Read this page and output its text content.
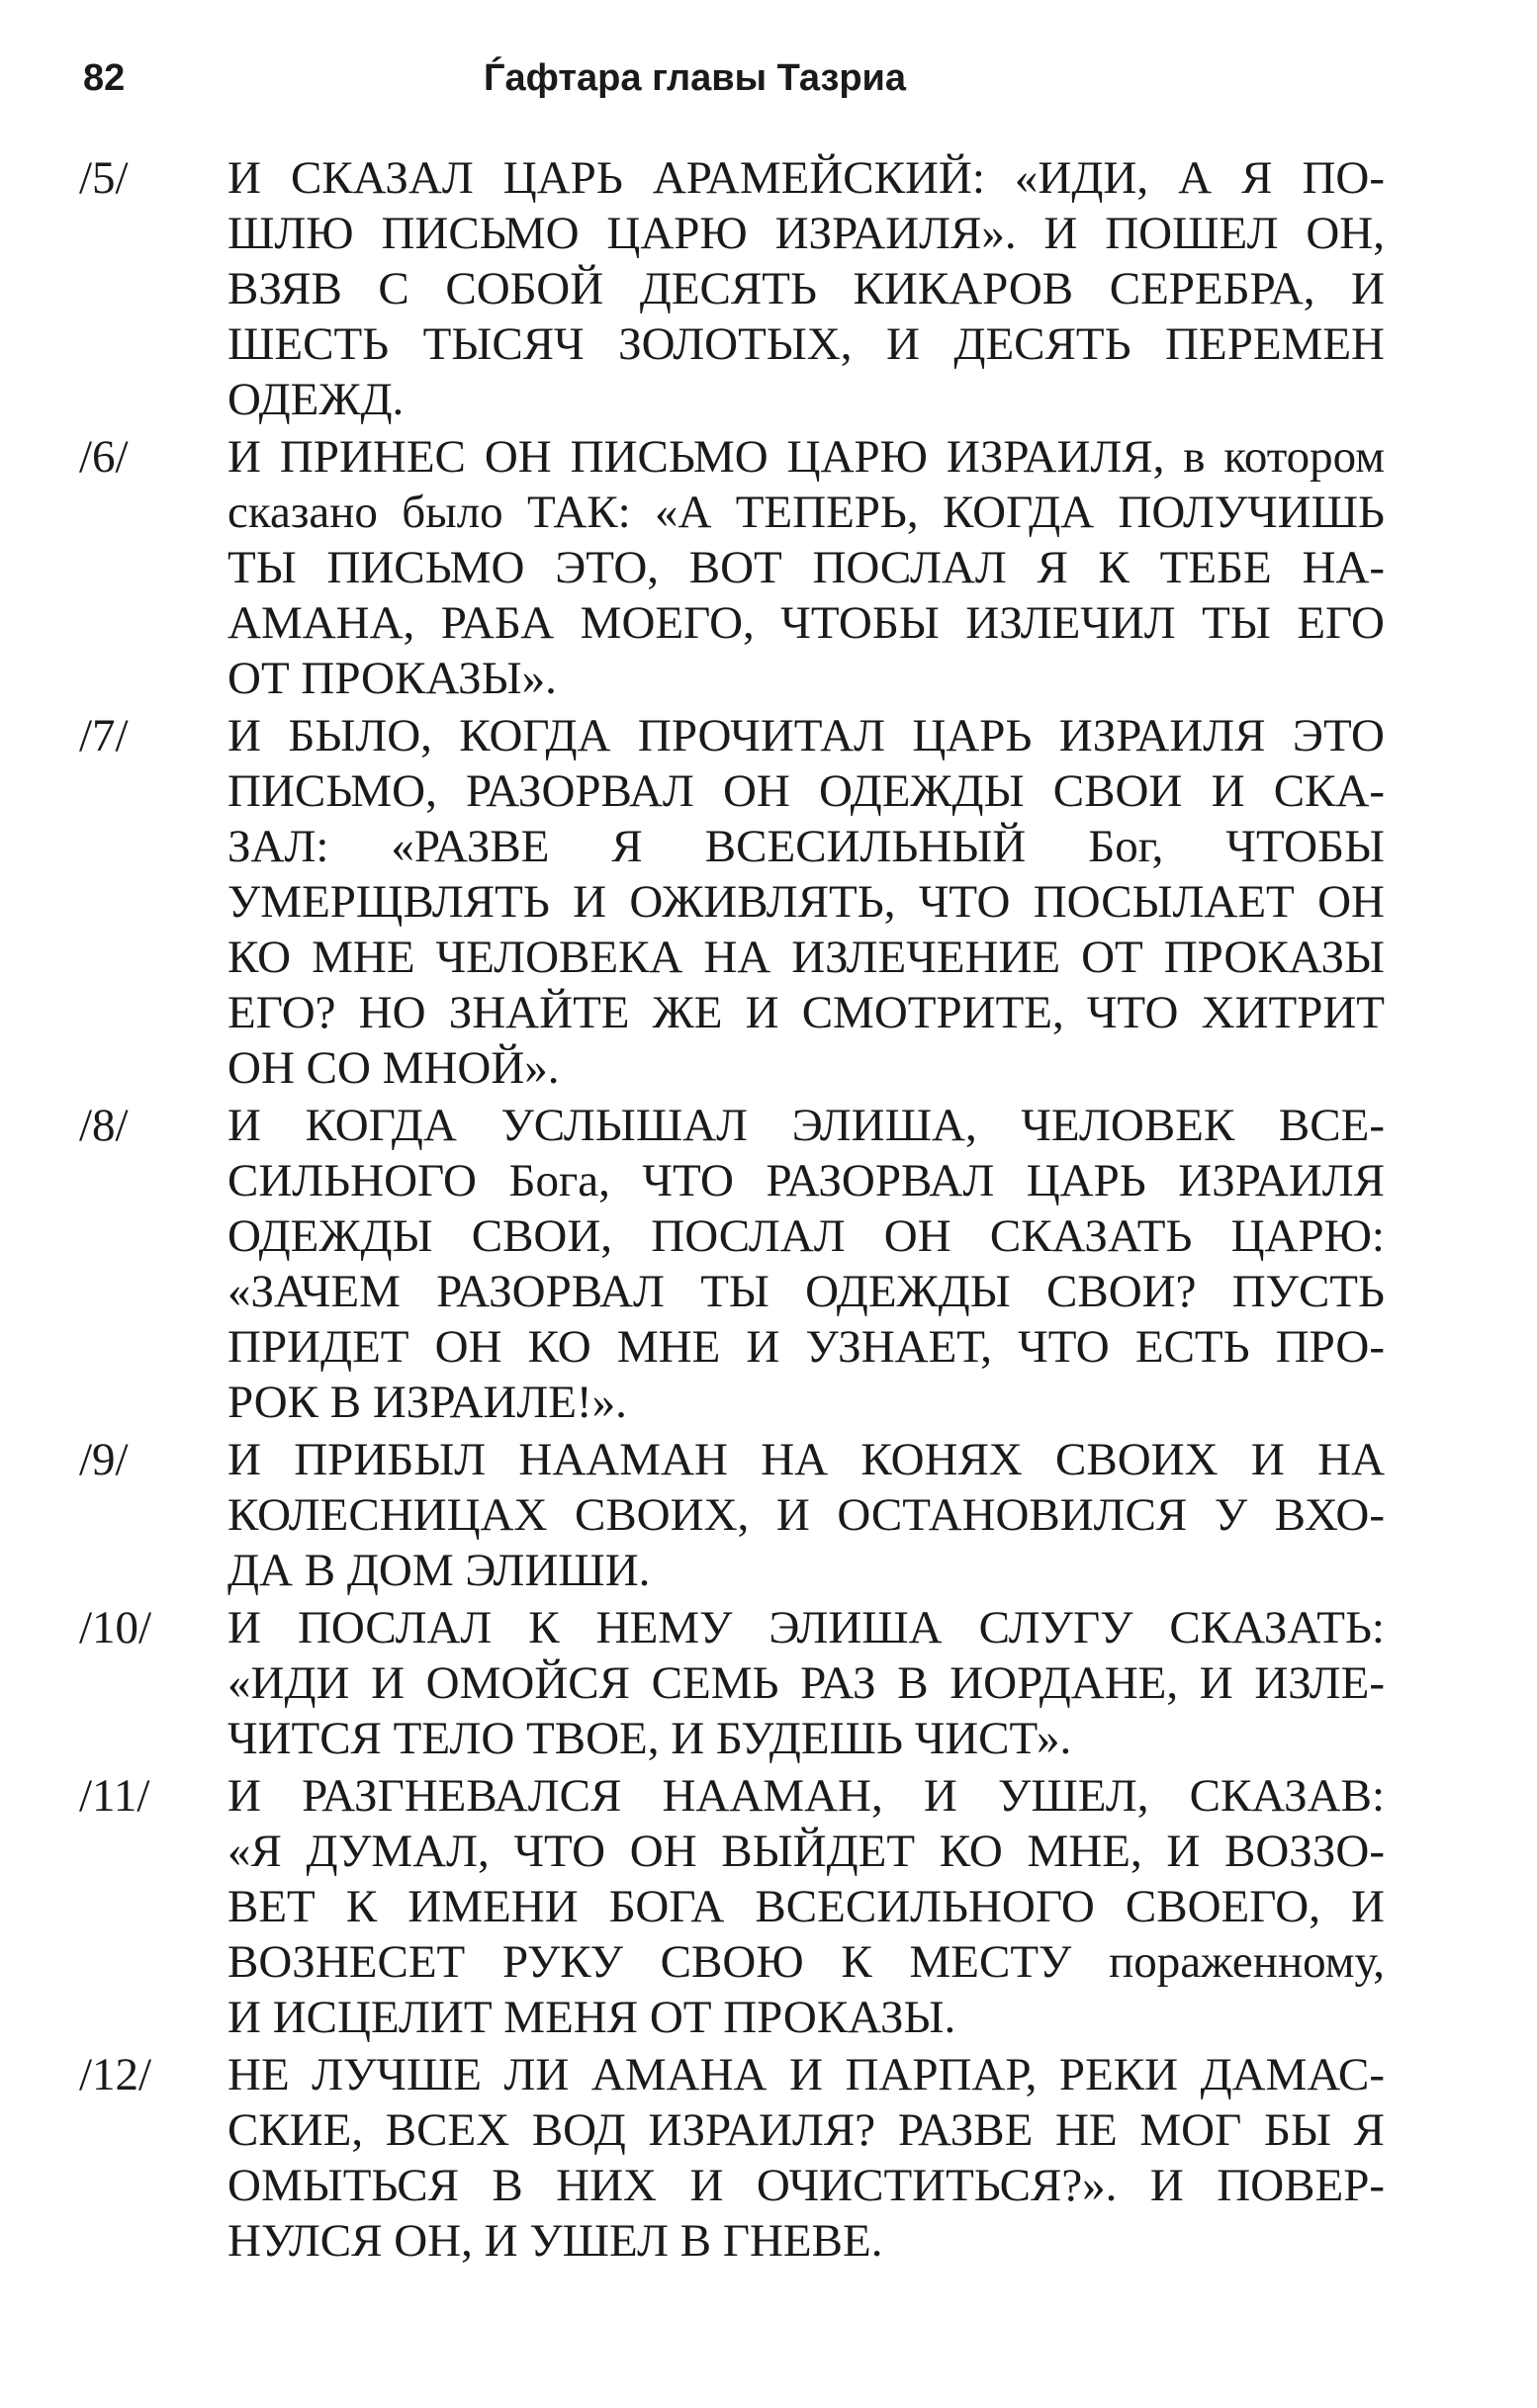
82	Ѓафтара главы Тазриа
/5/	И СКАЗАЛ ЦАРЬ АРАМЕЙСКИЙ: «ИДИ, А Я ПО-
ШЛЮ ПИСЬМО ЦАРЮ ИЗРАИЛЯ». И ПОШЕЛ ОН,
ВЗЯВ С СОБОЙ ДЕСЯТЬ КИКАРОВ СЕРЕБРА, И
ШЕСТЬ ТЫСЯЧ ЗОЛОТЫХ, И ДЕСЯТЬ ПЕРЕМЕН
ОДЕЖД.
/6/	И ПРИНЕС ОН ПИСЬМО ЦАРЮ ИЗРАИЛЯ, в котором
сказано было ТАК: «А ТЕПЕРЬ, КОГДА ПОЛУЧИШЬ
ТЫ ПИСЬМО ЭТО, ВОТ ПОСЛАЛ Я К ТЕБЕ НА-
АМАНА, РАБА МОЕГО, ЧТОБЫ ИЗЛЕЧИЛ ТЫ ЕГО
ОТ ПРОКАЗЫ».
/7/	И БЫЛО, КОГДА ПРОЧИТАЛ ЦАРЬ ИЗРАИЛЯ ЭТО
ПИСЬМО, РАЗОРВАЛ ОН ОДЕЖДЫ СВОИ И СКА-
ЗАЛ: «РАЗВЕ Я ВСЕСИЛЬНЫЙ Бог, ЧТОБЫ
УМЕРЩВЛЯТЬ И ОЖИВЛЯТЬ, ЧТО ПОСЫЛАЕТ ОН
КО МНЕ ЧЕЛОВЕКА НА ИЗЛЕЧЕНИЕ ОТ ПРОКАЗЫ
ЕГО? НО ЗНАЙТЕ ЖЕ И СМОТРИТЕ, ЧТО ХИТРИТ
ОН СО МНОЙ».
/8/	И КОГДА УСЛЫШАЛ ЭЛИША, ЧЕЛОВЕК ВСЕ-
СИЛЬНОГО Бога, ЧТО РАЗОРВАЛ ЦАРЬ ИЗРАИЛЯ
ОДЕЖДЫ СВОИ, ПОСЛАЛ ОН СКАЗАТЬ ЦАРЮ:
«ЗАЧЕМ РАЗОРВАЛ ТЫ ОДЕЖДЫ СВОИ? ПУСТЬ
ПРИДЕТ ОН КО МНЕ И УЗНАЕТ, ЧТО ЕСТЬ ПРО-
РОК В ИЗРАИЛЕ!».
/9/	И ПРИБЫЛ НААМАН НА КОНЯХ СВОИХ И НА
КОЛЕСНИЦАХ СВОИХ, И ОСТАНОВИЛСЯ У ВХО-
ДА В ДОМ ЭЛИШИ.
/10/	И ПОСЛАЛ К НЕМУ ЭЛИША СЛУГУ СКАЗАТЬ:
«ИДИ И ОМОЙСЯ СЕМЬ РАЗ В ИОРДАНЕ, И ИЗЛЕ-
ЧИТСЯ ТЕЛО ТВОЕ, И БУДЕШЬ ЧИСТ».
/11/	И РАЗГНЕВАЛСЯ НААМАН, И УШЕЛ, СКАЗАВ:
«Я ДУМАЛ, ЧТО ОН ВЫЙДЕТ КО МНЕ, И ВОЗЗО-
ВЕТ К ИМЕНИ БОГА ВСЕСИЛЬНОГО СВОЕГО, И
ВОЗНЕСЕТ РУКУ СВОЮ К МЕСТУ пораженному,
И ИСЦЕЛИТ МЕНЯ ОТ ПРОКАЗЫ.
/12/	НЕ ЛУЧШЕ ЛИ АМАНА И ПАРПАР, РЕКИ ДАМАС-
СКИЕ, ВСЕХ ВОД ИЗРАИЛЯ? РАЗВЕ НЕ МОГ БЫ Я
ОМЫТЬСЯ В НИХ И ОЧИСТИТЬСЯ?». И ПОВЕР-
НУЛСЯ ОН, И УШЕЛ В ГНЕВЕ.
